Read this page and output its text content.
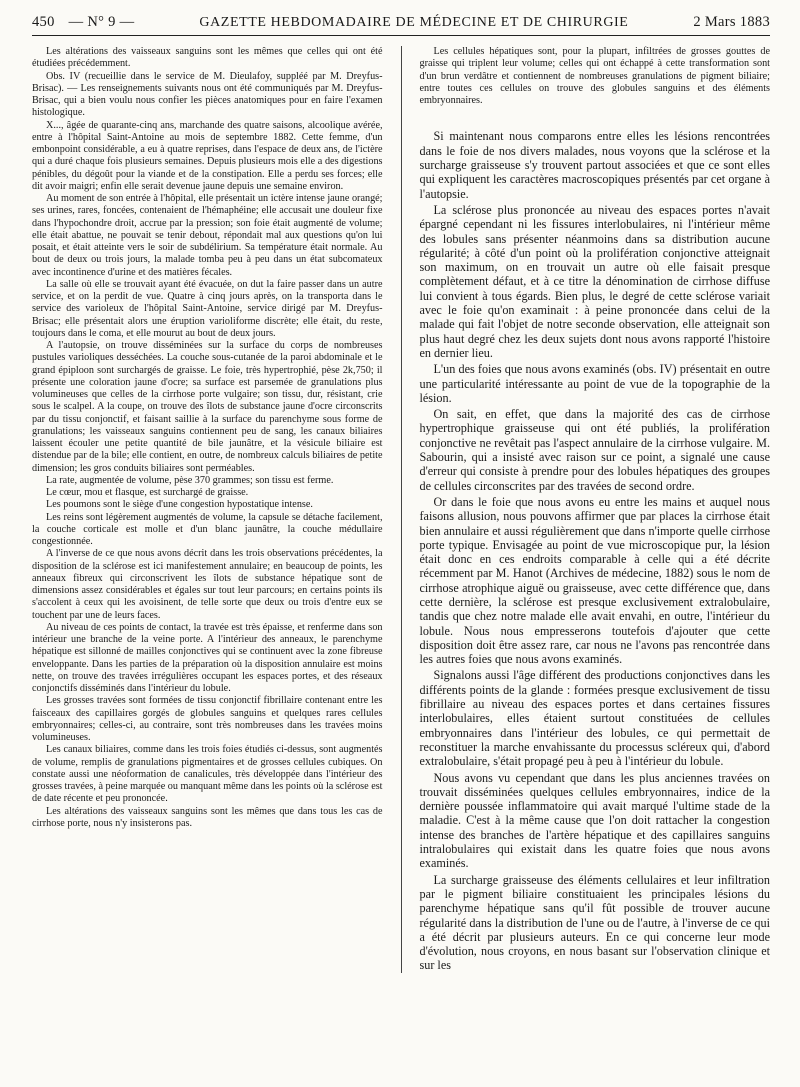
450 — N° 9 —	GAZETTE HEBDOMADAIRE DE MÉDECINE ET DE CHIRURGIE	2 Mars 1883

Les altérations des vaisseaux sanguins sont les mêmes que celles qui ont été étudiées précédemment.

Obs. IV (recueillie dans le service de M. Dieulafoy, suppléé par M. Dreyfus-Brisac). — Les renseignements suivants nous ont été communiqués par M. Dreyfus-Brisac, qui a bien voulu nous confier les pièces anatomiques pour en faire l'examen histologique.

X..., âgée de quarante-cinq ans, marchande des quatre saisons, alcoolique avérée, entre à l'hôpital Saint-Antoine au mois de septembre 1882. Cette femme, d'un embonpoint considérable, a eu à quatre reprises, dans l'espace de deux ans, de l'ictère qui a duré chaque fois plusieurs semaines. Depuis plusieurs mois elle a des digestions pénibles, du dégoût pour la viande et de la constipation. Elle a perdu ses forces; elle dit avoir maigri; enfin elle serait devenue jaune depuis une semaine environ.

Au moment de son entrée à l'hôpital, elle présentait un ictère intense jaune orangé; ses urines, rares, foncées, contenaient de l'hémaphéine; elle accusait une douleur fixe dans l'hypochondre droit, accrue par la pression; son foie était augmenté de volume; elle était abattue, ne pouvait se tenir debout, répondait mal aux questions qu'on lui posait, et était atteinte vers le soir de subdélirium. Sa température était normale. Au bout de deux ou trois jours, la malade tomba peu à peu dans un état subcomateux avec incontinence d'urine et des matières fécales.

La salle où elle se trouvait ayant été évacuée, on dut la faire passer dans un autre service, et on la perdit de vue. Quatre à cinq jours après, on la transporta dans le service des varioleux de l'hôpital Saint-Antoine, service dirigé par M. Dreyfus-Brisac; elle présentait alors une éruption varioliforme discrète; elle était, du reste, toujours dans le coma, et elle mourut au bout de deux jours.

A l'autopsie, on trouve disséminées sur la surface du corps de nombreuses pustules varioliques desséchées. La couche sous-cutanée de la paroi abdominale et le grand épiploon sont surchargés de graisse. Le foie, très hypertrophié, pèse 2k,750; il présente une coloration jaune d'ocre; sa surface est parsemée de granulations plus volumineuses que celles de la cirrhose porte vulgaire; son tissu, dur, résistant, crie sous le scalpel. A la coupe, on trouve des îlots de substance jaune d'ocre circonscrits par du tissu conjonctif, et faisant saillie à la surface du parenchyme sous forme de granulations; les vaisseaux sanguins contiennent peu de sang, les canaux biliaires laissent écouler une petite quantité de bile jaunâtre, et la vésicule biliaire est distendue par de la bile; elle contient, en outre, de nombreux calculs biliaires de petite dimension; les gros conduits biliaires sont perméables.

La rate, augmentée de volume, pèse 370 grammes; son tissu est ferme.

Le cœur, mou et flasque, est surchargé de graisse.

Les poumons sont le siège d'une congestion hypostatique intense.

Les reins sont légèrement augmentés de volume, la capsule se détache facilement, la couche corticale est molle et d'un blanc jaunâtre, la couche médullaire congestionnée.

A l'inverse de ce que nous avons décrit dans les trois observations précédentes, la disposition de la sclérose est ici manifestement annulaire; en beaucoup de points, les anneaux fibreux qui circonscrivent les îlots de substance hépatique sont de dimensions assez considérables et égales sur tout leur parcours; en certains points ils s'accolent à ceux qui les avoisinent, de telle sorte que deux ou trois d'entre eux se touchent par une de leurs faces.

Au niveau de ces points de contact, la travée est très épaisse, et renferme dans son intérieur une branche de la veine porte. A l'intérieur des anneaux, le parenchyme hépatique est sillonné de mailles conjonctives qui se continuent avec la zone fibreuse enveloppante. Dans les parties de la préparation où la disposition annulaire est moins nette, on trouve des travées irrégulières occupant les espaces portes, et des réseaux conjonctifs disséminés dans l'intérieur du lobule.

Les grosses travées sont formées de tissu conjonctif fibrillaire contenant entre les faisceaux des capillaires gorgés de globules sanguins et quelques rares cellules embryonnaires; celles-ci, au contraire, sont très nombreuses dans les travées moins volumineuses.

Les canaux biliaires, comme dans les trois foies étudiés ci-dessus, sont augmentés de volume, remplis de granulations pigmentaires et de grosses cellules cubiques. On constate aussi une néoformation de canalicules, très développée dans l'intérieur des grosses travées, à peine marquée ou manquant même dans les points où la sclérose est de date récente et peu prononcée.

Les altérations des vaisseaux sanguins sont les mêmes que dans tous les cas de cirrhose porte, nous n'y insisterons pas.

Les cellules hépatiques sont, pour la plupart, infiltrées de grosses gouttes de graisse qui triplent leur volume; celles qui ont échappé à cette transformation sont d'un brun verdâtre et contiennent de nombreuses granulations de pigment biliaire; entre toutes ces cellules on trouve des globules sanguins et des éléments embryonnaires.

Si maintenant nous comparons entre elles les lésions rencontrées dans le foie de nos divers malades, nous voyons que la sclérose et la surcharge graisseuse s'y trouvent partout associées et que ce sont elles qui expliquent les caractères macroscopiques présentés par cet organe à l'autopsie.

La sclérose plus prononcée au niveau des espaces portes n'avait épargné cependant ni les fissures interlobulaires, ni l'intérieur même des lobules sans présenter néanmoins dans sa distribution aucune régularité; à côté d'un point où la prolifération conjonctive atteignait son maximum, on en trouvait un autre où elle faisait presque complètement défaut, et à ce titre la dénomination de cirrhose diffuse lui convient à tous égards. Bien plus, le degré de cette sclérose variait avec le foie qu'on examinait : à peine prononcée dans celui de la malade qui fait l'objet de notre seconde observation, elle atteignait son plus haut degré chez les deux sujets dont nous avons rapporté l'histoire en dernier lieu.

L'un des foies que nous avons examinés (obs. IV) présentait en outre une particularité intéressante au point de vue de la topographie de la lésion.

On sait, en effet, que dans la majorité des cas de cirrhose hypertrophique graisseuse qui ont été publiés, la prolifération conjonctive ne revêtait pas l'aspect annulaire de la cirrhose vulgaire. M. Sabourin, qui a insisté avec raison sur ce point, a signalé une cause d'erreur qui consiste à prendre pour des lobules hépatiques des groupes de cellules circonscrites par des travées de second ordre.

Or dans le foie que nous avons eu entre les mains et auquel nous faisons allusion, nous pouvons affirmer que par places la cirrhose était bien annulaire et aussi régulièrement que dans n'importe quelle cirrhose porte typique. Envisagée au point de vue microscopique pur, la lésion était donc en ces endroits comparable à celle qui a été décrite récemment par M. Hanot (Archives de médecine, 1882) sous le nom de cirrhose atrophique aiguë ou graisseuse, avec cette différence que, dans cette dernière, la sclérose est presque exclusivement extralobulaire, tandis que chez notre malade elle avait envahi, en outre, l'intérieur du lobule. Nous nous empresserons toutefois d'ajouter que cette disposition doit être assez rare, car nous ne l'avons pas rencontrée dans les autres foies que nous avons examinés.

Signalons aussi l'âge différent des productions conjonctives dans les différents points de la glande : formées presque exclusivement de tissu fibrillaire au niveau des espaces portes et dans certaines fissures interlobulaires, elles étaient surtout constituées de cellules embryonnaires dans l'intérieur des lobules, ce qui permettait de reconstituer la marche envahissante du processus scléreux qui, d'abord extralobulaire, s'était propagé peu à peu à l'intérieur du lobule.

Nous avons vu cependant que dans les plus anciennes travées on trouvait disséminées quelques cellules embryonnaires, indice de la dernière poussée inflammatoire qui avait marqué l'ultime stade de la maladie. C'est à la même cause que l'on doit rattacher la congestion intense des branches de l'artère hépatique et des capillaires sanguins intralobulaires qui existait dans les quatre foies que nous avons examinés.

La surcharge graisseuse des éléments cellulaires et leur infiltration par le pigment biliaire constituaient les principales lésions du parenchyme hépatique sans qu'il fût possible de trouver aucune régularité dans la distribution de l'une ou de l'autre, à l'inverse de ce qui a été décrit par plusieurs auteurs. En ce qui concerne leur mode d'évolution, nous croyons, en nous basant sur l'observation clinique et sur les
